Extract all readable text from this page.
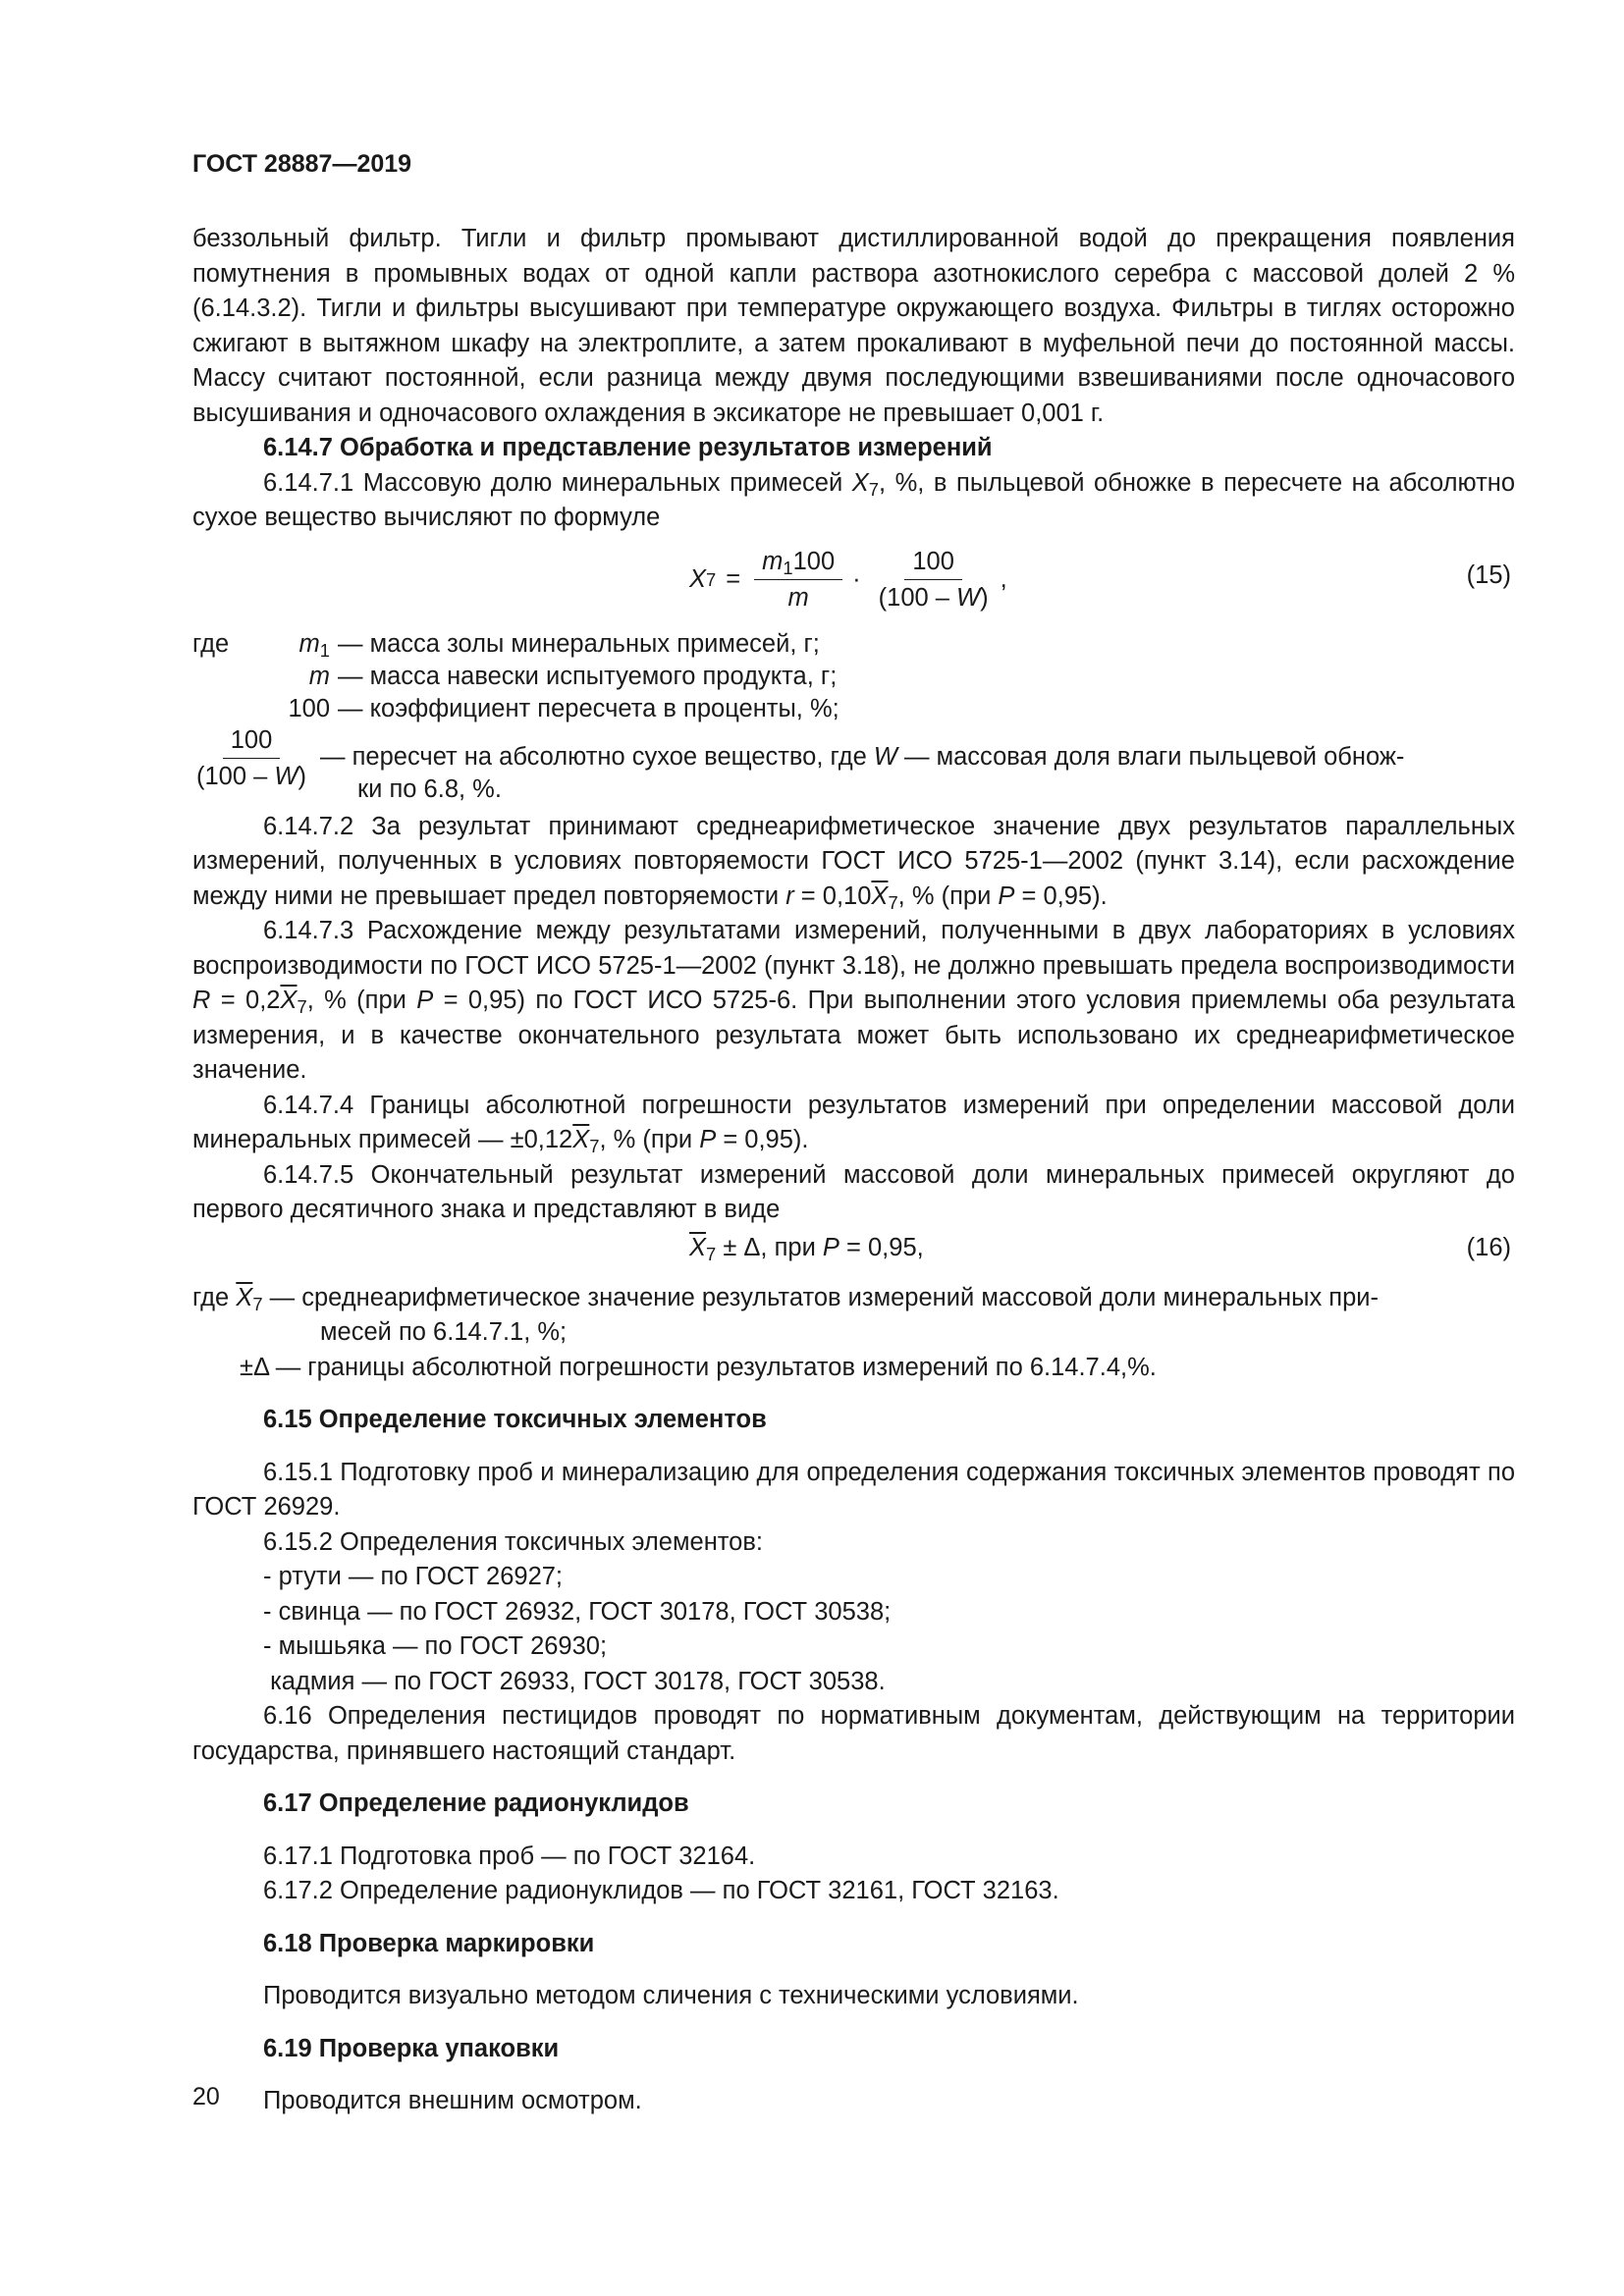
ГОСТ 28887—2019

беззольный фильтр. Тигли и фильтр промывают дистиллированной водой до прекращения появления помутнения в промывных водах от одной капли раствора азотнокислого серебра с массовой долей 2 % (6.14.3.2). Тигли и фильтры высушивают при температуре окружающего воздуха. Фильтры в тиглях осторожно сжигают в вытяжном шкафу на электроплите, а затем прокаливают в муфельной печи до постоянной массы. Массу считают постоянной, если разница между двумя последующими взвешиваниями после одночасового высушивания и одночасового охлаждения в эксикаторе не превышает 0,001 г.

6.14.7 Обработка и представление результатов измерений

6.14.7.1 Массовую долю минеральных примесей $X_7$, %, в пыльцевой обножке в пересчете на абсолютно сухое вещество вычисляют по формуле

X $7 = \frac{m_1100}{m} \cdot \frac{100}{(100 - W)}$ ,	(15)
где	$m_1$ — масса золы минеральных примесей, г;
m — масса навески испытуемого продукта, г;
100 — коэффициент пересчета в проценты, %;
$\frac{100}{(100 - W)}$ — пересчет на абсолютно сухое вещество, где W — массовая доля влаги пыльцевой обнож-
ки по 6.8, %.

6.14.7.2 За результат принимают среднеарифметическое значение двух результатов параллельных измерений, полученных в условиях повторяемости ГОСТ ИСО 5725-1—2002 (пункт 3.14), если расхождение между ними не превышает предел повторяемости $r = 0,10\overline{X}_7$, % (при P = 0,95).

6.14.7.3 Расхождение между результатами измерений, полученными в двух лабораториях в условиях воспроизводимости по ГОСТ ИСО 5725-1—2002 (пункт 3.18), не должно превышать предела воспроизводимости $R = 0,2\overline{X}_7$, % (при P = 0,95) по ГОСТ ИСО 5725-6. При выполнении этого условия приемлемы оба результата измерения, и в качестве окончательного результата может быть использовано их среднеарифметическое значение.

6.14.7.4 Границы абсолютной погрешности результатов измерений при определении массовой доли минеральных примесей — $\pm 0,12\overline{X}_7$, % (при P = 0,95).

6.14.7.5 Окончательный результат измерений массовой доли минеральных примесей округляют до первого десятичного знака и представляют в виде

$\overline{X}_7 \pm \Delta$, при P = 0,95,	(16)

где $\overline{X}_7$ — среднеарифметическое значение результатов измерений массовой доли минеральных при-

месей по 6.14.7.1, %;

±Δ — границы абсолютной погрешности результатов измерений по 6.14.7.4,%.

6.15 Определение токсичных элементов

6.15.1 Подготовку проб и минерализацию для определения содержания токсичных элементов проводят по ГОСТ 26929.

6.15.2 Определения токсичных элементов:

- ртути — по ГОСТ 26927;

- свинца — по ГОСТ 26932, ГОСТ 30178, ГОСТ 30538;

- мышьяка — по ГОСТ 26930;

кадмия — по ГОСТ 26933, ГОСТ 30178, ГОСТ 30538.

6.16 Определения пестицидов проводят по нормативным документам, действующим на территории государства, принявшего настоящий стандарт.

6.17 Определение радионуклидов

6.17.1 Подготовка проб — по ГОСТ 32164.

6.17.2 Определение радионуклидов — по ГОСТ 32161, ГОСТ 32163.

6.18 Проверка маркировки

Проводится визуально методом сличения с техническими условиями.

6.19 Проверка упаковки

Проводится внешним осмотром.

20
